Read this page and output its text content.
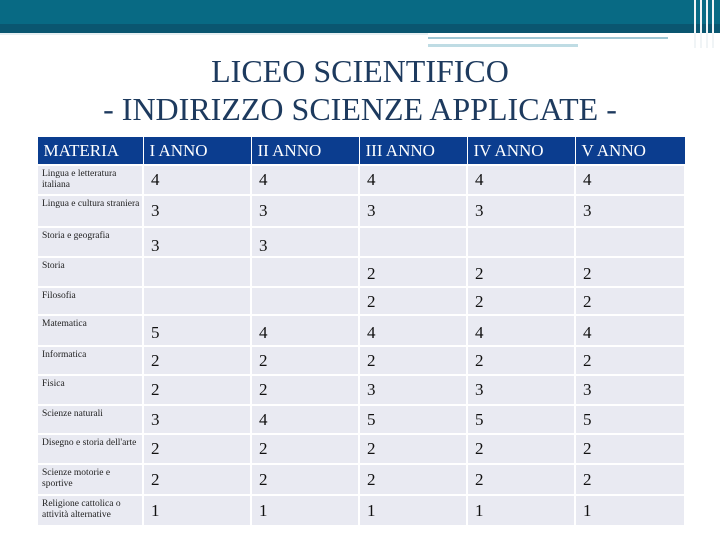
LICEO SCIENTIFICO
- INDIRIZZO SCIENZE APPLICATE -
MATERIA	I ANNO	II ANNO	III ANNO	IV ANNO	V ANNO
Lingua e letteratura italiana	4	4	4	4	4
Lingua e cultura straniera	3	3	3	3	3
Storia e geografia	3	3			
Storia			2	2	2
Filosofia			2	2	2
Matematica	5	4	4	4	4
Informatica	2	2	2	2	2
Fisica	2	2	3	3	3
Scienze naturali	3	4	5	5	5
Disegno e storia dell'arte	2	2	2	2	2
Scienze motorie e sportive	2	2	2	2	2
Religione cattolica o attività alternative	1	1	1	1	1
